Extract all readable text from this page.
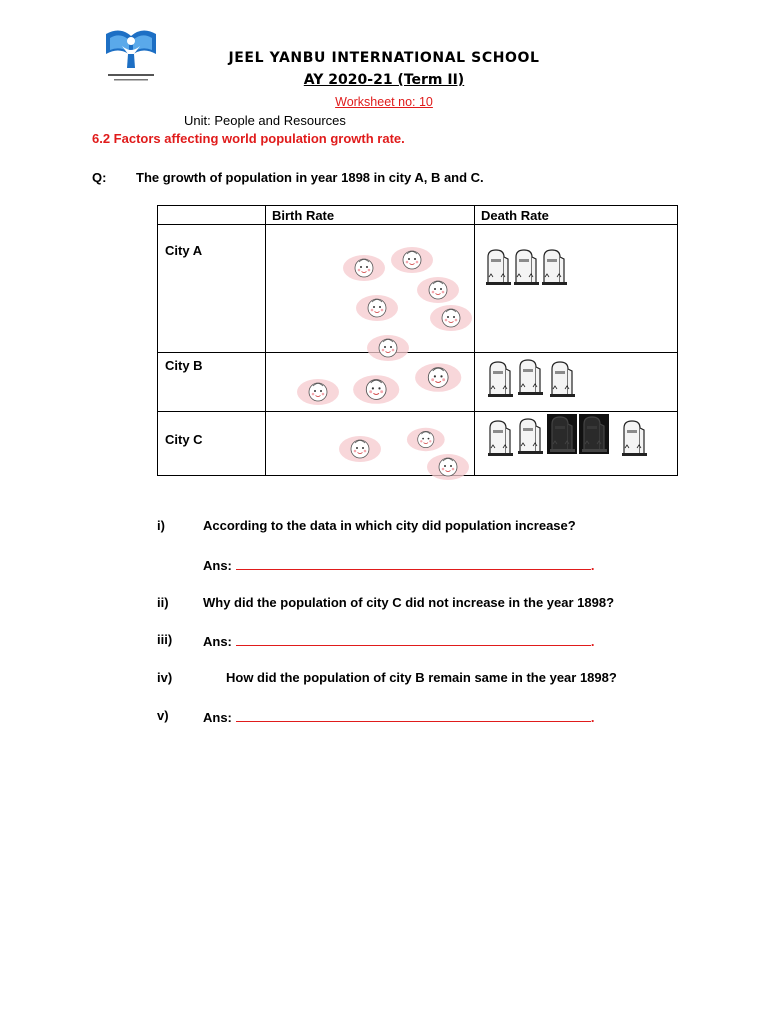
JEEL YANBU INTERNATIONAL SCHOOL
AY 2020-21 (Term II)
Worksheet no: 10
Unit: People and Resources
6.2 Factors affecting world population growth rate.
Q: The growth of population in year 1898 in city A, B and C.

	Birth Rate	Death Rate

City A

City B

City C

i)	According to the data in which city did population increase?
Ans:	.
ii)	Why did the population of city C did not increase in the year 1898?
iii) Ans:	.
iv)	How did the population of city B remain same in the year 1898?
v)	Ans:	.
